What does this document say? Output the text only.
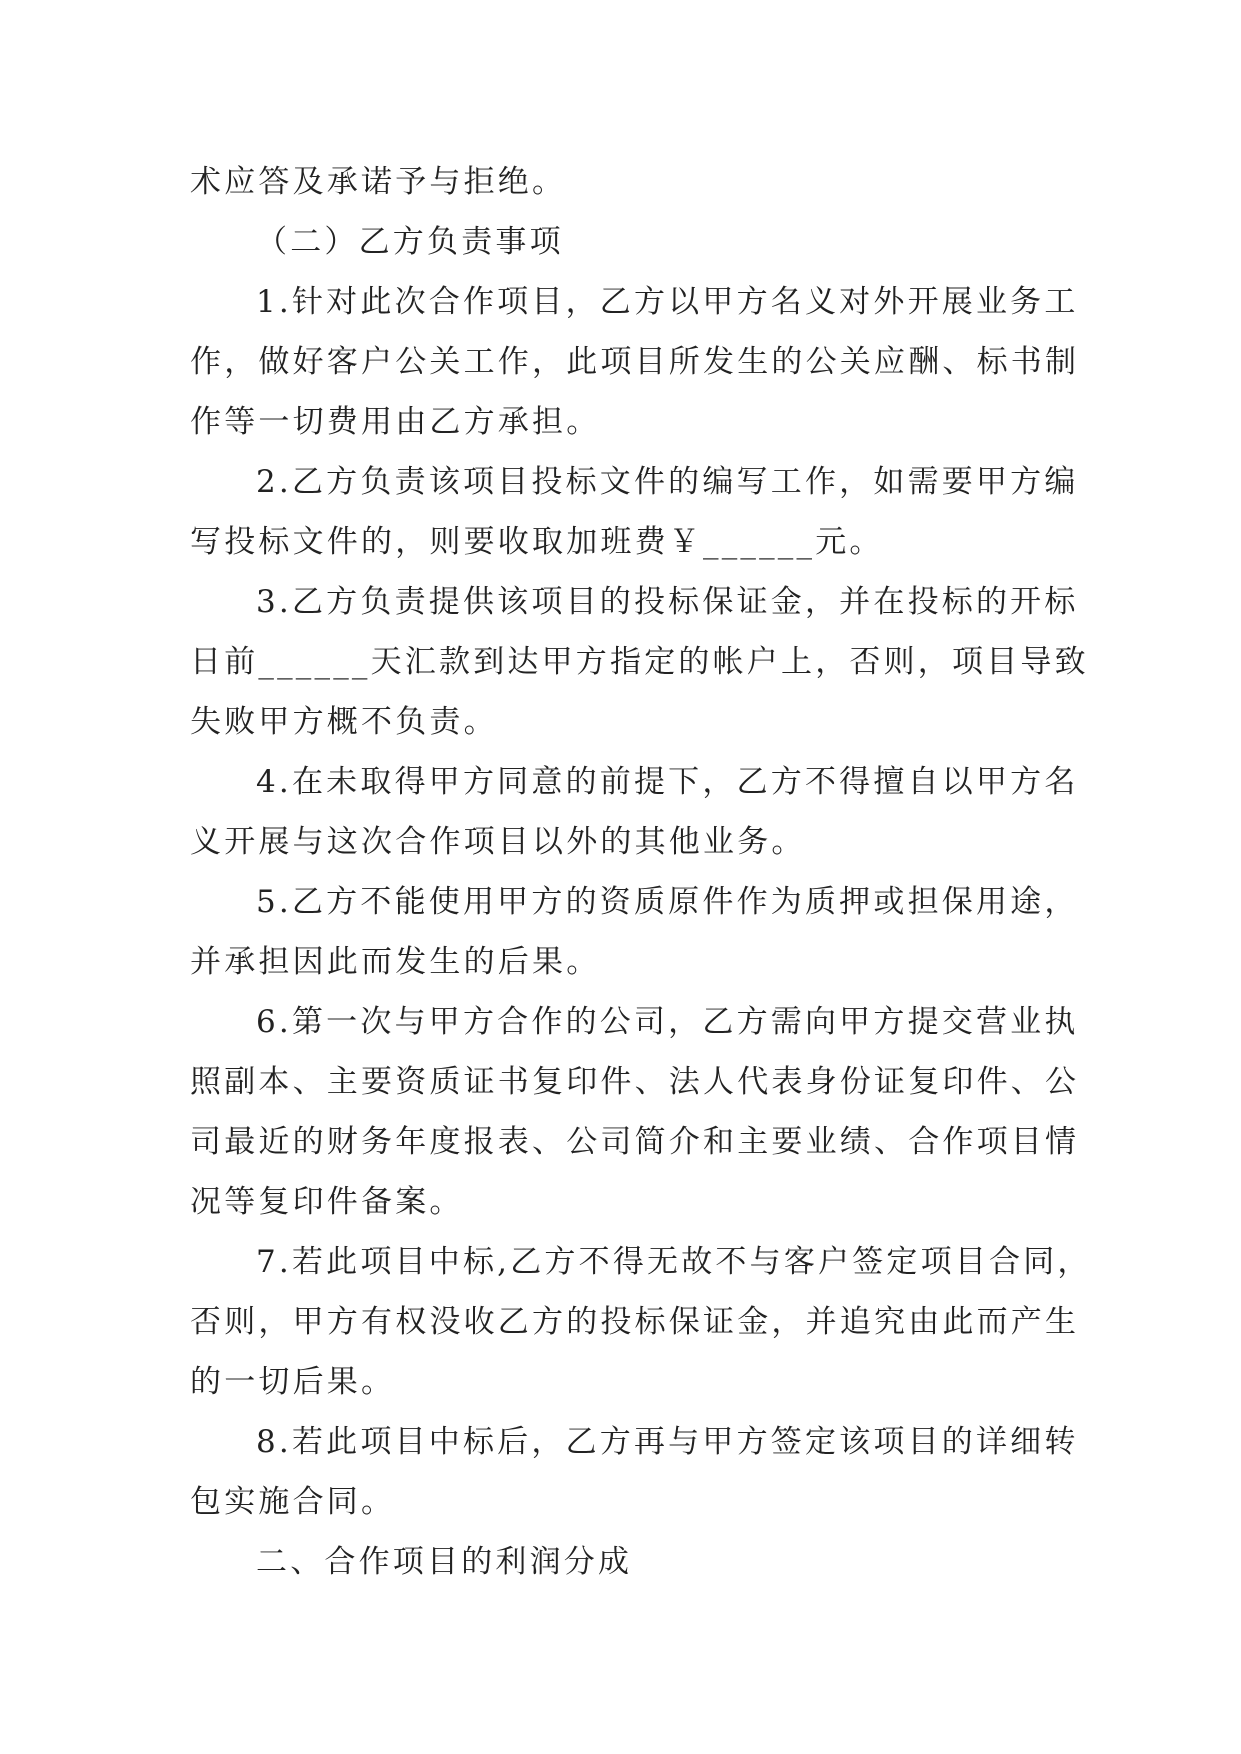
术应答及承诺予与拒绝。
（二）乙方负责事项
1.针对此次合作项目，乙方以甲方名义对外开展业务工
作，做好客户公关工作，此项目所发生的公关应酬、标书制
作等一切费用由乙方承担。
2.乙方负责该项目投标文件的编写工作，如需要甲方编
写投标文件的，则要收取加班费￥______元。
3.乙方负责提供该项目的投标保证金，并在投标的开标
日前______天汇款到达甲方指定的帐户上，否则，项目导致
失败甲方概不负责。
4.在未取得甲方同意的前提下，乙方不得擅自以甲方名
义开展与这次合作项目以外的其他业务。
5.乙方不能使用甲方的资质原件作为质押或担保用途，
并承担因此而发生的后果。
6.第一次与甲方合作的公司，乙方需向甲方提交营业执
照副本、主要资质证书复印件、法人代表身份证复印件、公
司最近的财务年度报表、公司简介和主要业绩、合作项目情
况等复印件备案。
7.若此项目中标,乙方不得无故不与客户签定项目合同，
否则，甲方有权没收乙方的投标保证金，并追究由此而产生
的一切后果。
8.若此项目中标后，乙方再与甲方签定该项目的详细转
包实施合同。
二、合作项目的利润分成
